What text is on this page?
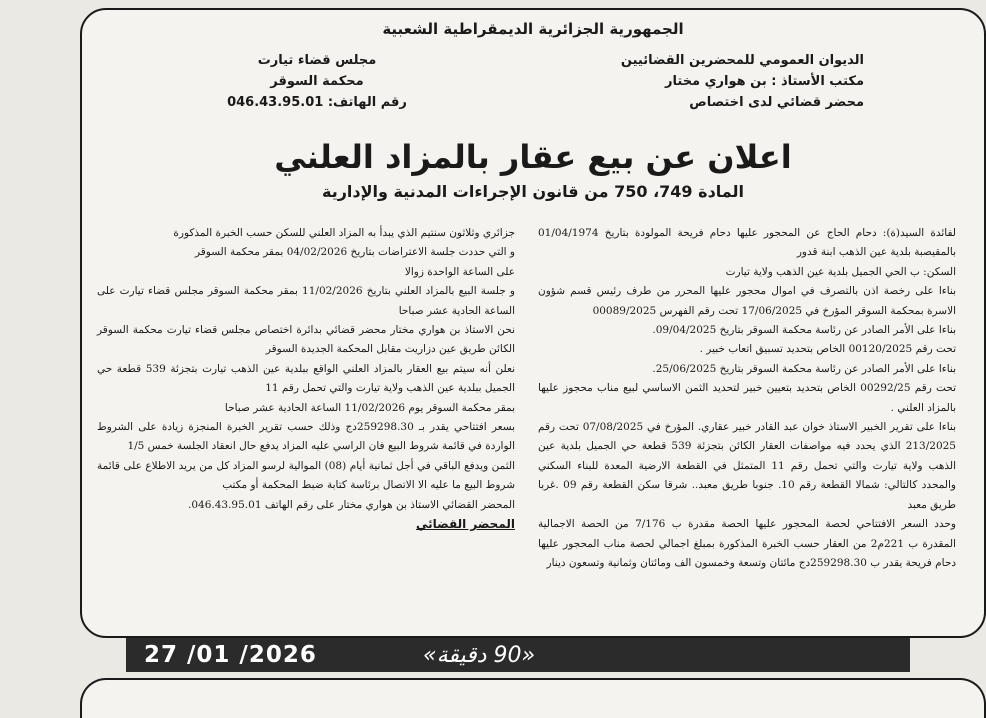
الجمهورية الجزائرية الديمقراطية الشعبية
الديوان العمومي للمحضرين القضائيين
مكتب الأستاذ : بن هواري مختار
محضر قضائي لدى اختصاص
مجلس قضاء تيارت
محكمة السوقر
رقم الهاتف: 046.43.95.01
اعلان عن بيع عقار بالمزاد العلني
المادة 749، 750 من قانون الإجراءات المدنية والإدارية

لفائدة السيد(ة): دحام الحاج عن المحجور عليها دحام فريحة المولودة بتاريخ 01/04/1974 بالمقيصبة بلدية عين الذهب ابنة قدور

السكن: ب الحي الجميل بلدية عين الذهب ولاية تيارت

بناءا على رخصة اذن بالتصرف في اموال محجور عليها المحرر من طرف رئيس قسم شؤون الاسرة بمحكمة السوقر المؤرخ في 17/06/2025 تحت رقم الفهرس 00089/2025

بناءا على الأمر الصادر عن رئاسة محكمة السوقر بتاريخ 09/04/2025.

تحت رقم 00120/2025 الخاص بتحديد تسبيق اتعاب خبير .

بناءا على الأمر الصادر عن رئاسة محكمة السوقر بتاريخ 25/06/2025.

تحت رقم 00292/25 الخاص بتحديد بتعيين خبير لتحديد الثمن الاساسي لبيع مناب محجوز عليها بالمزاد العلني .

بناءا على تقرير الخبير الاستاذ خوان عبد القادر خبير عقاري. المؤرخ في 07/08/2025 تحت رقم 213/2025 الذي يحدد فيه مواصفات العقار الكائن بتجزئة 539 قطعة حي الجميل بلدية عين الذهب ولاية تيارت والتي تحمل رقم 11 المتمثل في القطعة الارضية المعدة للبناء السكني والمحدد كالتالي: شمالا القطعة رقم 10. جنوبا طريق معبد.. شرقا سكن القطعة رقم 09 .غربا طريق معبد

وحدد السعر الافتتاحي لحصة المحجور عليها الحصة مقدرة ب 7/176 من الحصة الاجمالية المقدرة ب 221م2 من العقار حسب الخبرة المذكورة بمبلغ اجمالي لحصة مناب المحجور عليها دحام فريحة يقدر ب 259298.30دج مائتان وتسعة وخمسون الف ومائتان وثمانية وتسعون دينار

جزائري وثلاثون سنتيم الذي يبدأ به المزاد العلني للسكن حسب الخبرة المذكورة

و التي حددت جلسة الاعتراضات بتاريخ 04/02/2026 بمقر محكمة السوقر

على الساعة الواحدة زوالا

و جلسة البيع بالمزاد العلني بتاريخ 11/02/2026 بمقر محكمة السوقر مجلس قضاء تيارت على الساعة الحادية عشر صباحا

نحن الاستاذ بن هواري مختار محضر قضائي بدائرة اختصاص مجلس قضاء تيارت محكمة السوقر الكائن طريق عين دزاريت مقابل المحكمة الجديدة السوقر

نعلن أنه سيتم بيع العقار بالمزاد العلني الواقع ببلدية عين الذهب تيارت بتجزئة 539 قطعة حي الجميل ببلدية عين الذهب ولاية تيارت والتي تحمل رقم 11

بمقر محكمة السوقر يوم 11/02/2026 الساعة الحادية عشر صباحا

بسعر افتتاحي يقدر بـ 259298.30دج وذلك حسب تقرير الخبرة المنجزة زيادة على الشروط الواردة في قائمة شروط البيع فان الراسي عليه المزاد يدفع حال انعقاد الجلسة خمس 1/5

الثمن ويدفع الباقي في أجل ثمانية أيام (08) الموالية لرسو المزاد كل من يريد الاطلاع على قائمة شروط البيع ما عليه الا الاتصال برئاسة كتابة ضبط المحكمة أو مكتب

المحضر القضائي الاستاذ بن هواري مختار على رقم الهاتف 046.43.95.01.

المحضر القضائي

27 /01 /2026	«90 دقيقة»
